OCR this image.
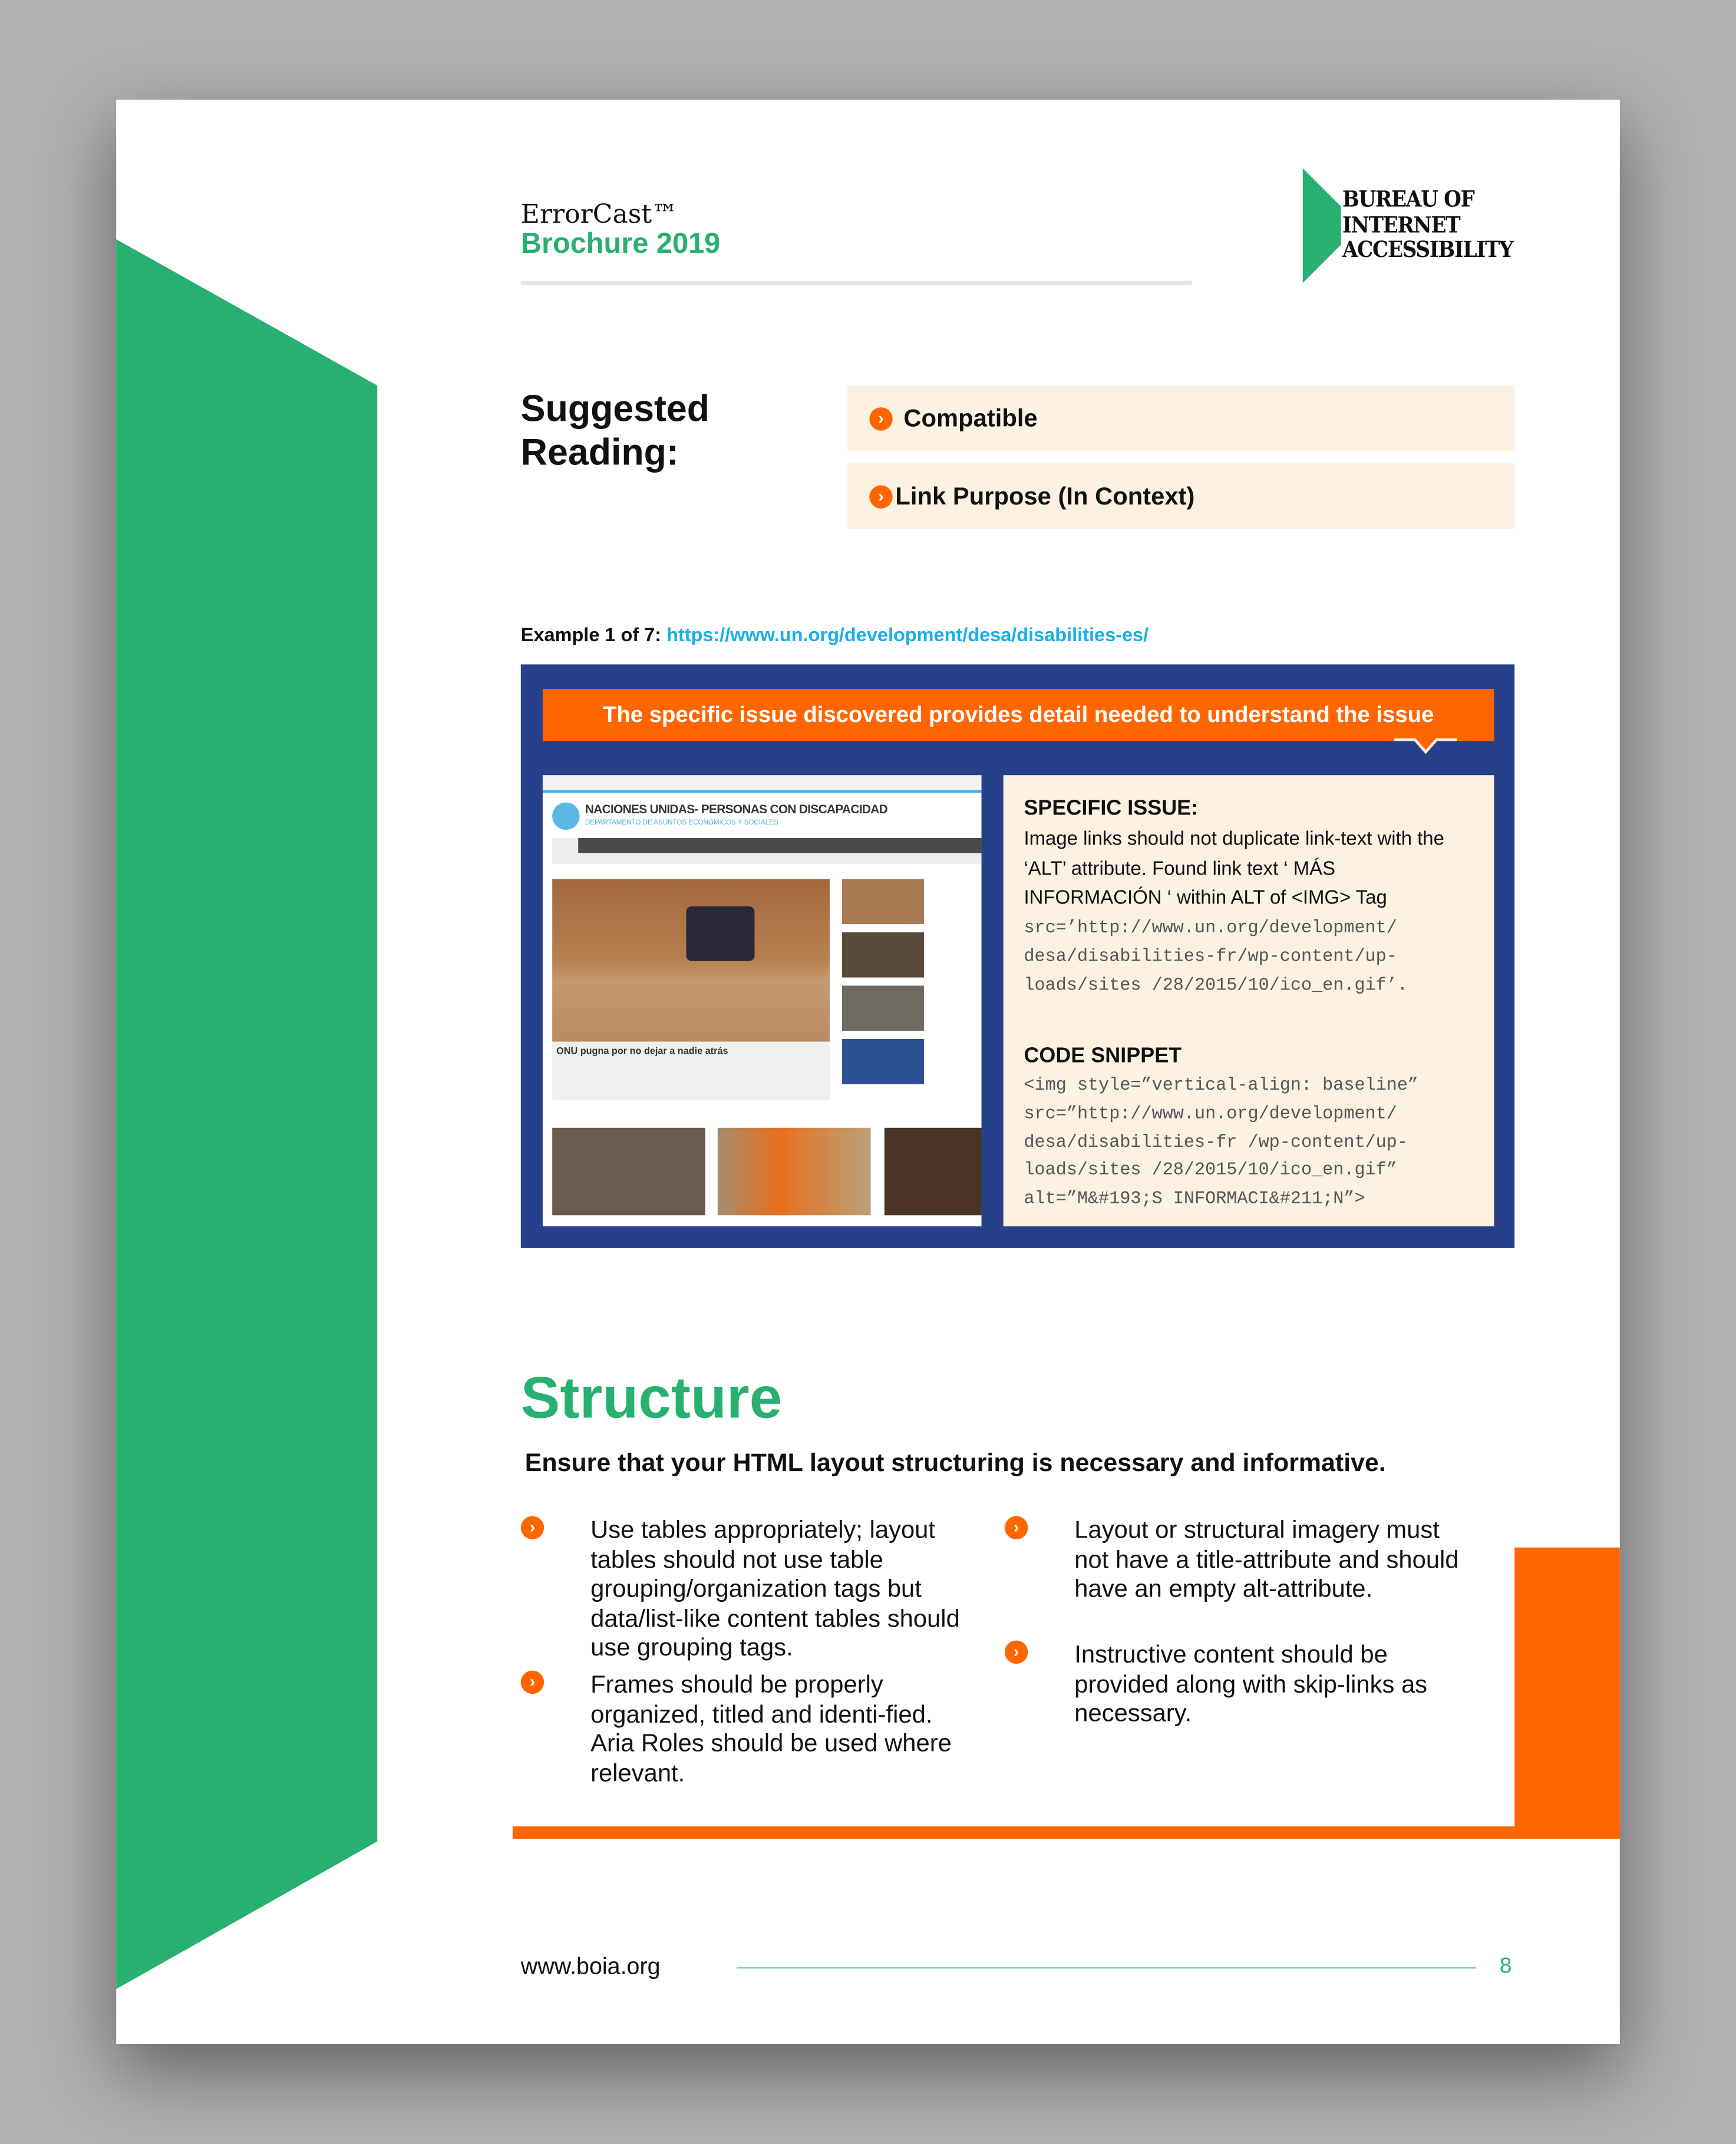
ErrorCast™
Brochure 2019
BUREAU OF
INTERNET
ACCESSIBILITY
Suggested
Reading:
›	Compatible
›	Link Purpose (In Context)
Example 1 of 7: https://www.un.org/development/desa/disabilities-es/
The specific issue discovered provides detail needed to understand the issue
NACIONES UNIDAS- PERSONAS CON DISCAPACIDAD
DEPARTAMENTO DE ASUNTOS ECONÓMICOS Y SOCIALES
ONU pugna por no dejar a nadie atrás
SPECIFIC ISSUE:
Image links should not duplicate link-text with the ‘ALT’ attribute. Found link text ‘ MÁS INFORMACIÓN ‘ within ALT of <IMG> Tag
src=’http://www.un.org/development/
desa/disabilities-fr/wp-content/up-
loads/sites /28/2015/10/ico_en.gif’.
CODE SNIPPET
<img style=”vertical-align: baseline”
src=”http://www.un.org/development/
desa/disabilities-fr /wp-content/up-
loads/sites /28/2015/10/ico_en.gif”
alt=”M&#193;S INFORMACI&#211;N”>
Structure
Ensure that your HTML layout structuring is necessary and informative.
›	Use tables appropriately; layout tables should not use table grouping/organization tags but data/list-like content tables should use grouping tags.
›	Frames should be properly organized, titled and identi-fied. Aria Roles should be used where relevant.
›	Layout or structural imagery must not have a title-attribute and should have an empty alt-attribute.
›	Instructive content should be provided along with skip-links as necessary.
www.boia.org	8
